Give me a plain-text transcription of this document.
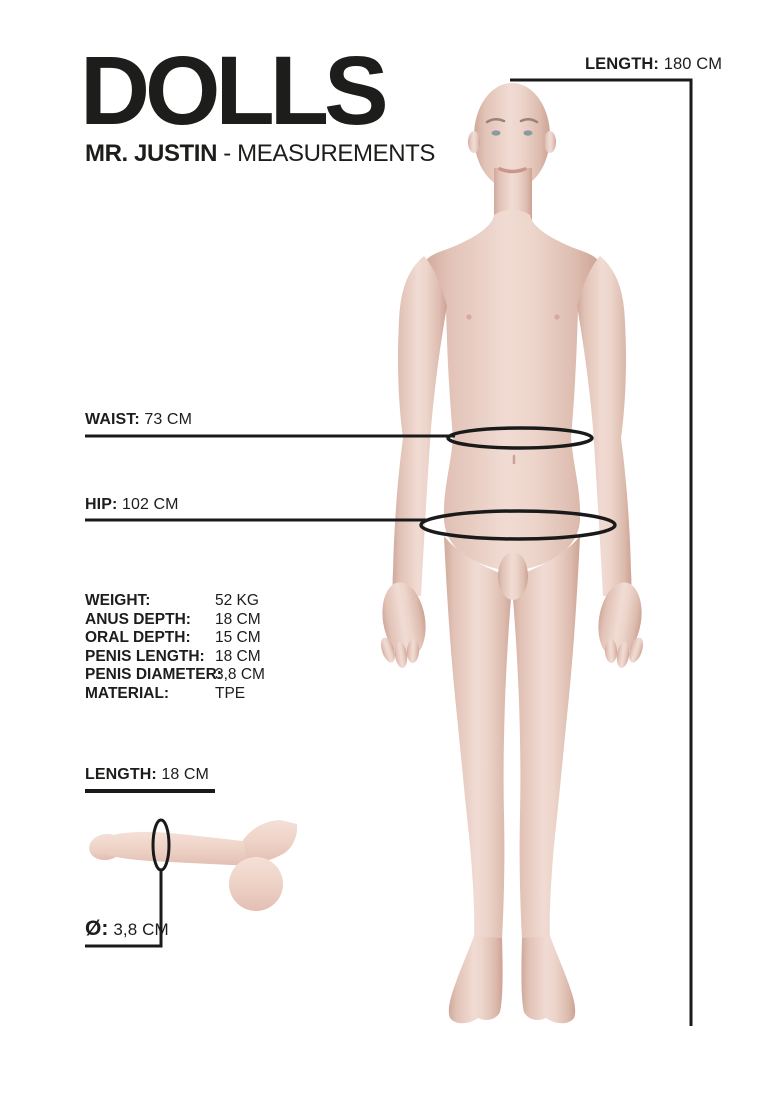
DOLLS
MR. JUSTIN - MEASUREMENTS
LENGTH: 180 CM
WAIST: 73 CM
HIP: 102 CM
WEIGHT:	52 KG
ANUS DEPTH:	18 CM
ORAL DEPTH:	15 CM
PENIS LENGTH: 18 CM
PENIS DIAMETER:
3,8 CM
MATERIAL:	TPE
LENGTH: 18 CM
Ø: 3,8 CM
